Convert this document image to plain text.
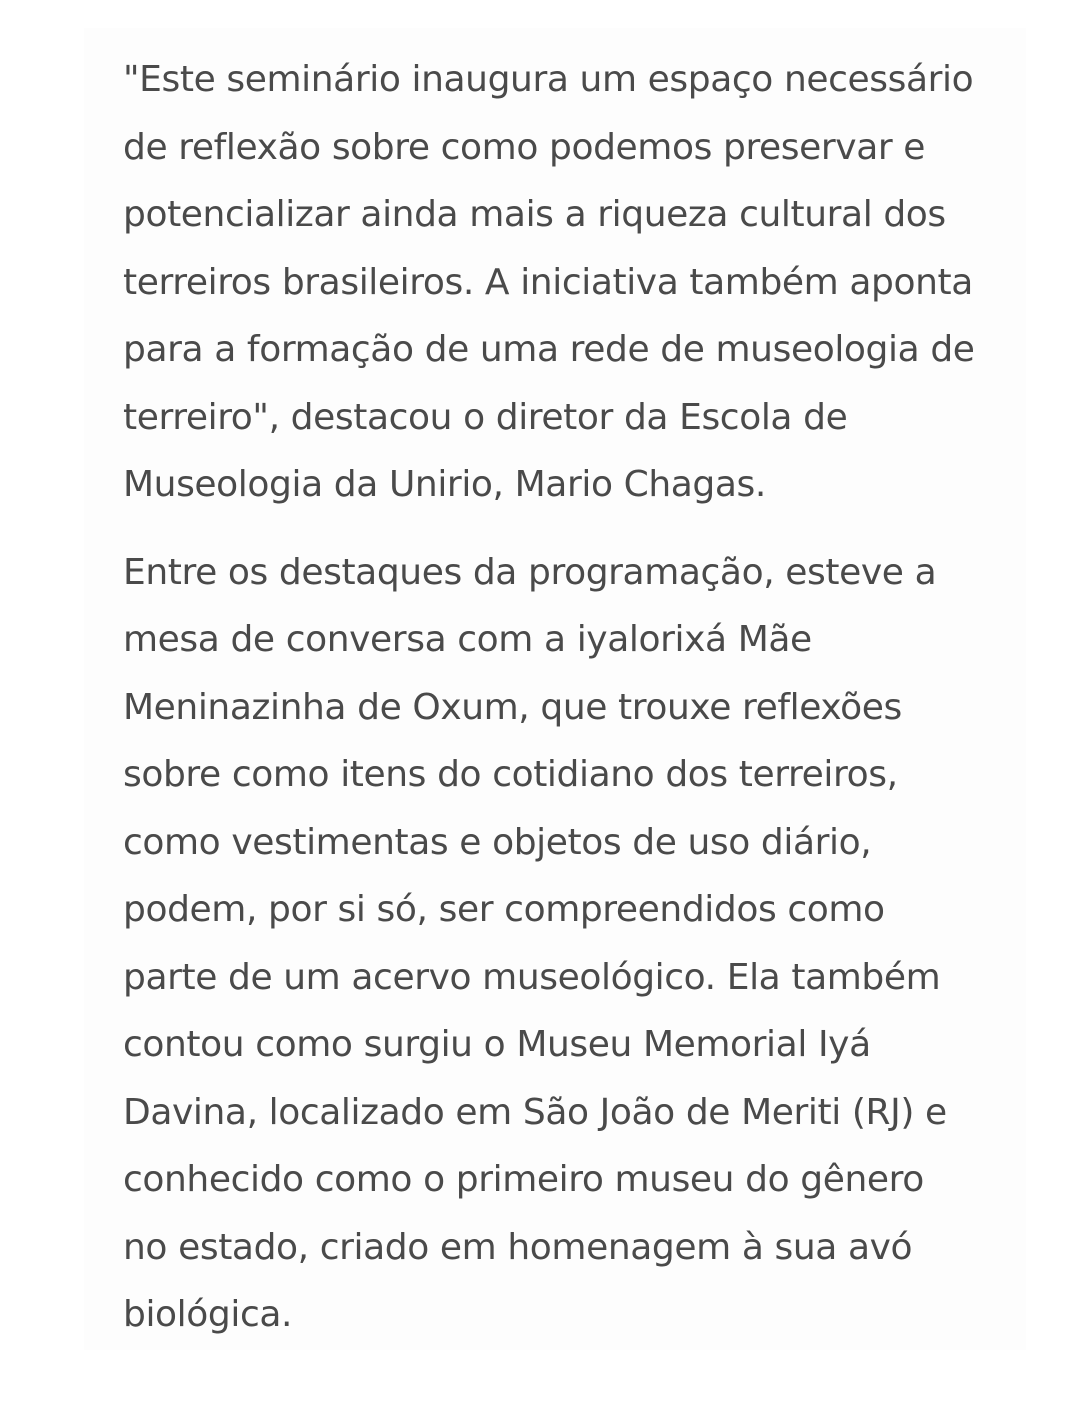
"Este seminário inaugura um espaço necessário
de reflexão sobre como podemos preservar e
potencializar ainda mais a riqueza cultural dos
terreiros brasileiros. A iniciativa também aponta
para a formação de uma rede de museologia de
terreiro", destacou o diretor da Escola de
Museologia da Unirio, Mario Chagas.

Entre os destaques da programação, esteve a
mesa de conversa com a iyalorixá Mãe
Meninazinha de Oxum, que trouxe reflexões
sobre como itens do cotidiano dos terreiros,
como vestimentas e objetos de uso diário,
podem, por si só, ser compreendidos como
parte de um acervo museológico. Ela também
contou como surgiu o Museu Memorial Iyá
Davina, localizado em São João de Meriti (RJ) e
conhecido como o primeiro museu do gênero
no estado, criado em homenagem à sua avó
biológica.
